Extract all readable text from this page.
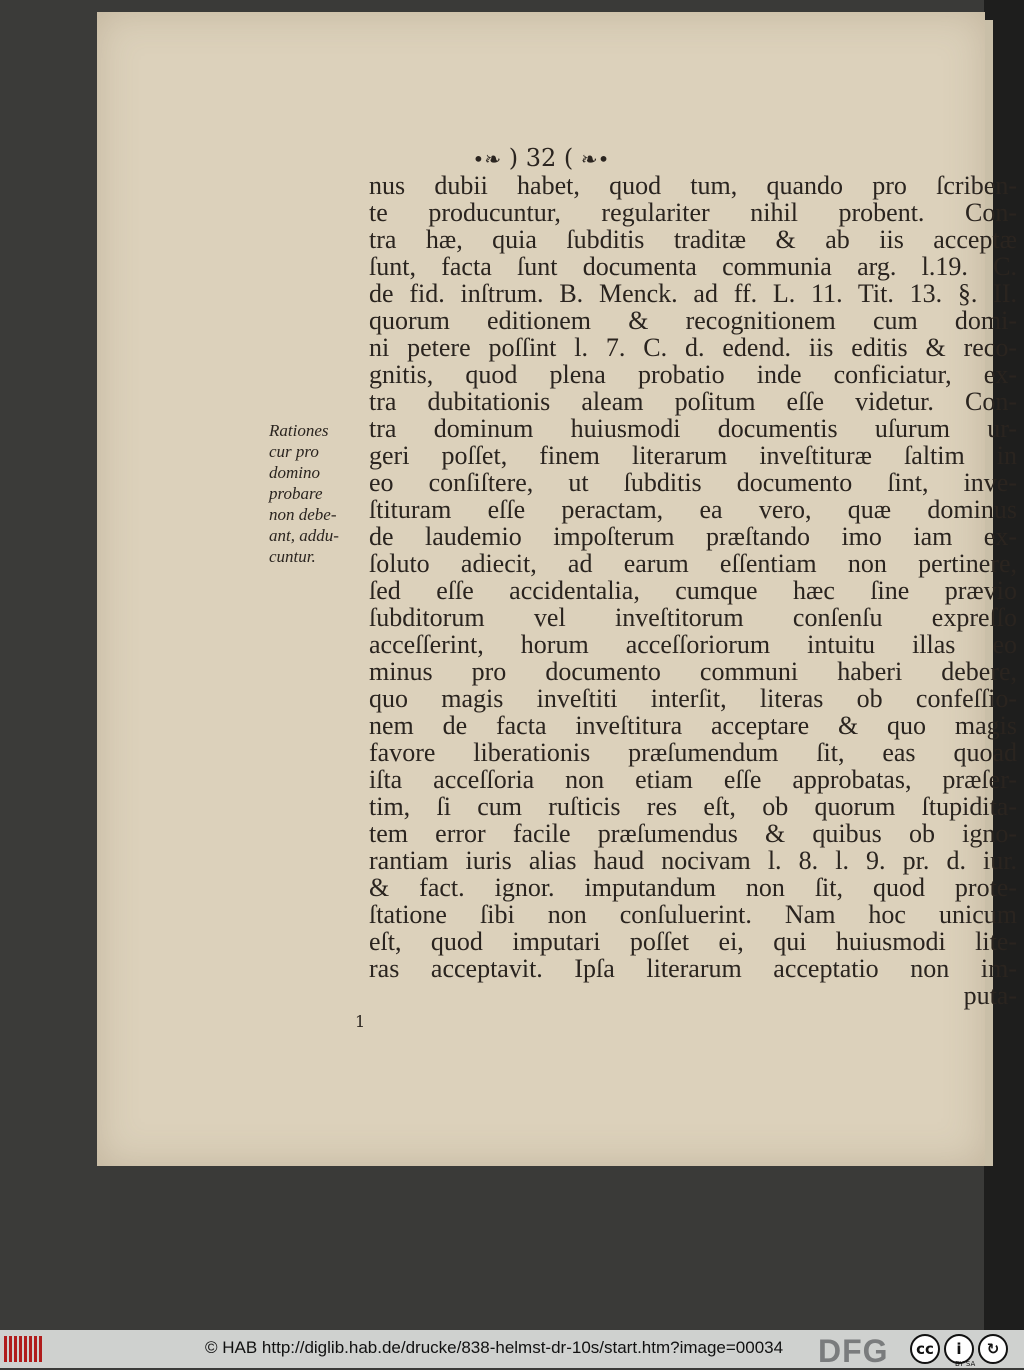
•❧ ) 32 ( ❧•
nus dubii habet, quod tum, quando pro ſcriben-
te producuntur, regulariter nihil probent. Con-
tra hæ, quia ſubditis traditæ & ab iis acceptæ
ſunt, facta ſunt documenta communia arg. l.19. C.
de fid. inſtrum. B. Menck. ad ff. L. 11. Tit. 13. §. II.
quorum editionem & recognitionem cum domi-
ni petere poſſint l. 7. C. d. edend. iis editis & reco-
gnitis, quod plena probatio inde conficiatur, ex-
tra dubitationis aleam poſitum eſſe videtur. Con-
tra dominum huiusmodi documentis uſurum ur-
geri poſſet, finem literarum inveſtituræ ſaltim in
eo conſiſtere, ut ſubditis documento ſint, inve-
ſtituram eſſe peractam, ea vero, quæ dominus
de laudemio impoſterum præſtando imo iam ex-
ſoluto adiecit, ad earum eſſentiam non pertinere,
ſed eſſe accidentalia, cumque hæc ſine prævio
ſubditorum vel inveſtitorum conſenſu expreſſo
acceſſerint, horum acceſſoriorum intuitu illas eo
minus pro documento communi haberi debere,
quo magis inveſtiti interſit, literas ob confeſſio-
nem de facta inveſtitura acceptare & quo magis
favore liberationis præſumendum ſit, eas quoad
iſta acceſſoria non etiam eſſe approbatas, præſer-
tim, ſi cum ruſticis res eſt, ob quorum ſtupidita-
tem error facile præſumendus & quibus ob igno-
rantiam iuris alias haud nocivam l. 8. l. 9. pr. d. iur.
& fact. ignor. imputandum non ſit, quod prote-
ſtatione ſibi non conſuluerint. Nam hoc unicum
eſt, quod imputari poſſet ei, qui huiusmodi lite-
ras acceptavit. Ipſa literarum acceptatio non im-
puta-
Rationes
cur pro
domino
probare
non debe-
ant, addu-
cuntur.
1
© HAB http://diglib.hab.de/drucke/838-helmst-dr-10s/start.htm?image=00034 DFG	cc	i	↻
BY SA
